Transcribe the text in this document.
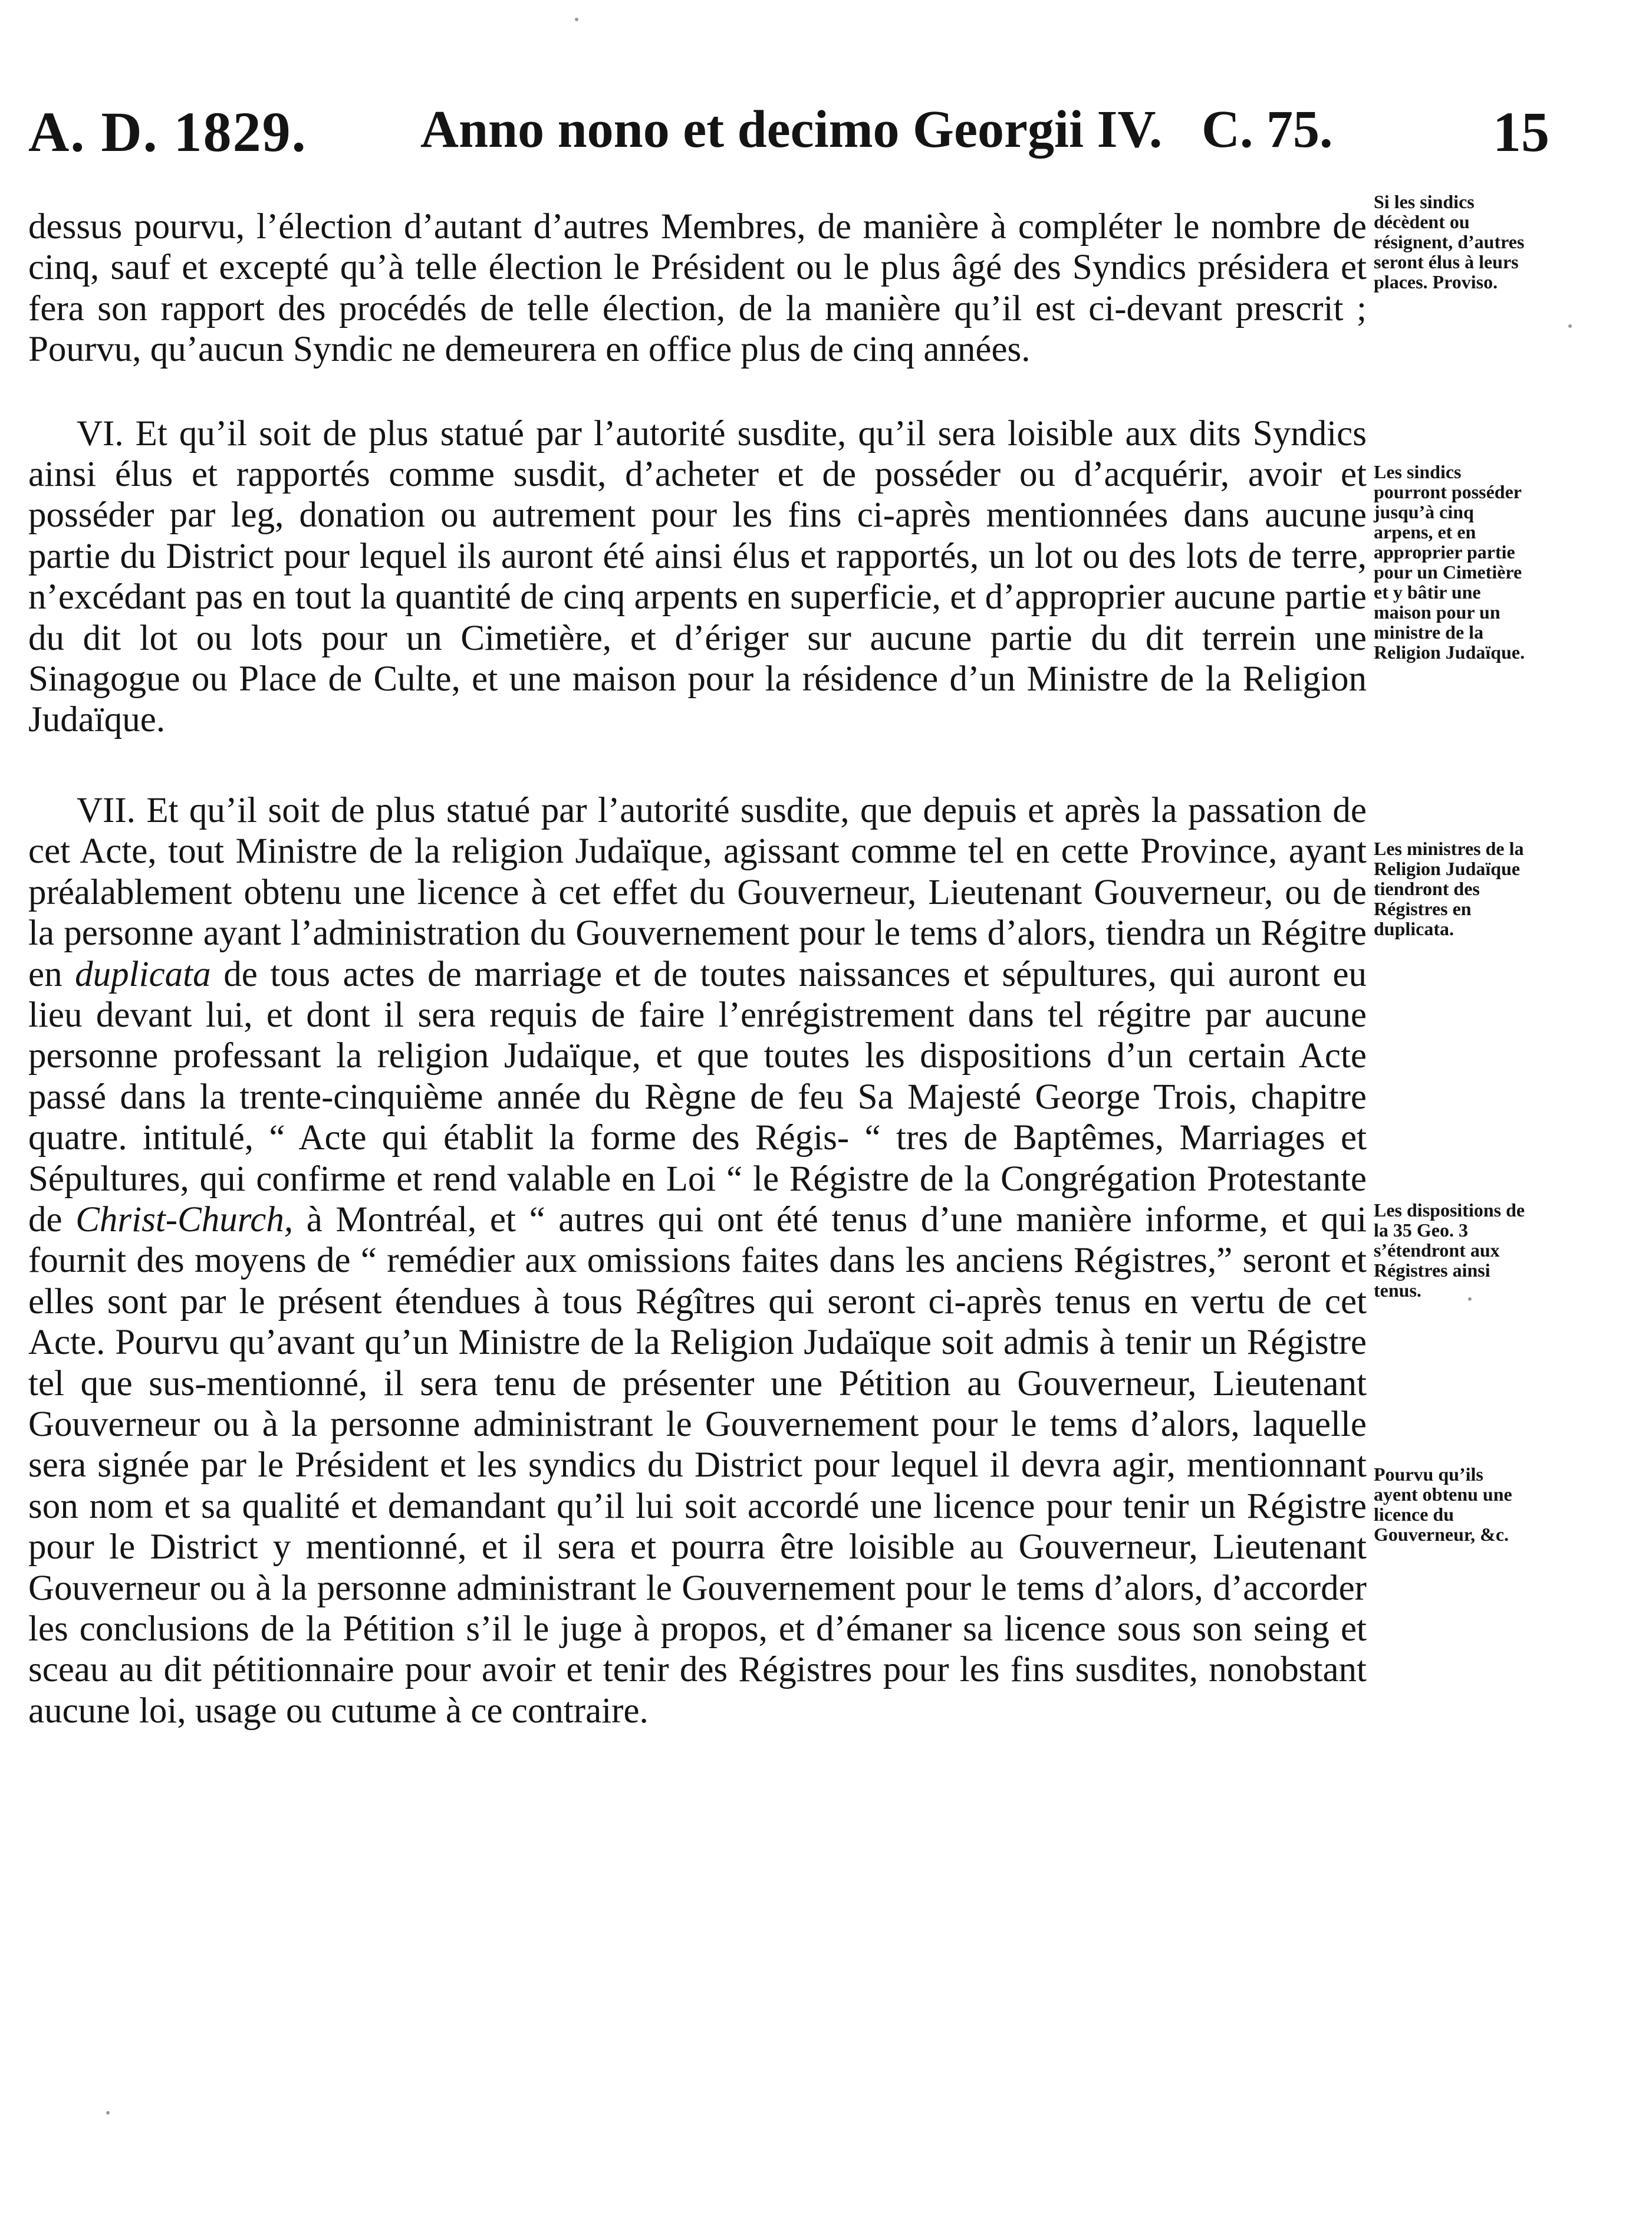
A. D. 1829. Anno nono et decimo Georgii IV. C. 75.	15

dessus pourvu, l’élection d’autant d’autres Membres, de manière à compléter le nombre de cinq, sauf et excepté qu’à telle élection le Président ou le plus âgé des Syndics présidera et fera son rapport des procédés de telle élection, de la manière qu’il est ci-devant prescrit ; Pourvu, qu’aucun Syndic ne demeurera en office plus de cinq années.

VI. Et qu’il soit de plus statué par l’autorité susdite, qu’il sera loisible aux dits Syndics ainsi élus et rapportés comme susdit, d’acheter et de posséder ou d’acquérir, avoir et posséder par leg, donation ou autrement pour les fins ci-après mentionnées dans aucune partie du District pour lequel ils auront été ainsi élus et rapportés, un lot ou des lots de terre, n’excédant pas en tout la quantité de cinq arpents en superficie, et d’approprier aucune partie du dit lot ou lots pour un Cimetière, et d’ériger sur aucune partie du dit terrein une Sinagogue ou Place de Culte, et une maison pour la résidence d’un Ministre de la Religion Judaïque.

VII. Et qu’il soit de plus statué par l’autorité susdite, que depuis et après la passation de cet Acte, tout Ministre de la religion Judaïque, agissant comme tel en cette Province, ayant préalablement obtenu une licence à cet effet du Gouverneur, Lieutenant Gouverneur, ou de la personne ayant l’administration du Gouvernement pour le tems d’alors, tiendra un Régitre en duplicata de tous actes de marriage et de toutes naissances et sépultures, qui auront eu lieu devant lui, et dont il sera requis de faire l’enrégistrement dans tel régitre par aucune personne professant la religion Judaïque, et que toutes les dispositions d’un certain Acte passé dans la trente-cinquième année du Règne de feu Sa Majesté George Trois, chapitre quatre. intitulé, “ Acte qui établit la forme des Régis- “ tres de Baptêmes, Marriages et Sépultures, qui confirme et rend valable en Loi “ le Régistre de la Congrégation Protestante de Christ-Church, à Montréal, et “ autres qui ont été tenus d’une manière informe, et qui fournit des moyens de “ remédier aux omissions faites dans les anciens Régistres,” seront et elles sont par le présent étendues à tous Régîtres qui seront ci-après tenus en vertu de cet Acte. Pourvu qu’avant qu’un Ministre de la Religion Judaïque soit admis à tenir un Régistre tel que sus-mentionné, il sera tenu de présenter une Pétition au Gouverneur, Lieutenant Gouverneur ou à la personne administrant le Gouvernement pour le tems d’alors, laquelle sera signée par le Président et les syndics du District pour lequel il devra agir, mentionnant son nom et sa qualité et demandant qu’il lui soit accordé une licence pour tenir un Régistre pour le District y mentionné, et il sera et pourra être loisible au Gouverneur, Lieutenant Gouverneur ou à la personne administrant le Gouvernement pour le tems d’alors, d’accorder les conclusions de la Pétition s’il le juge à propos, et d’émaner sa licence sous son seing et sceau au dit pétitionnaire pour avoir et tenir des Régistres pour les fins susdites, nonobstant aucune loi, usage ou cutume à ce contraire.

Si les sindics décèdent ou résignent, d’autres seront élus à leurs places. Proviso.
Les sindics pourront posséder jusqu’à cinq arpens, et en approprier partie pour un Cimetière et y bâtir une maison pour un ministre de la Religion Judaïque.
Les ministres de la Religion Judaïque tiendront des Régistres en duplicata.
Les dispositions de la 35 Geo. 3 s’étendront aux Régistres ainsi tenus.
Pourvu qu’ils ayent obtenu une licence du Gouverneur, &c.
